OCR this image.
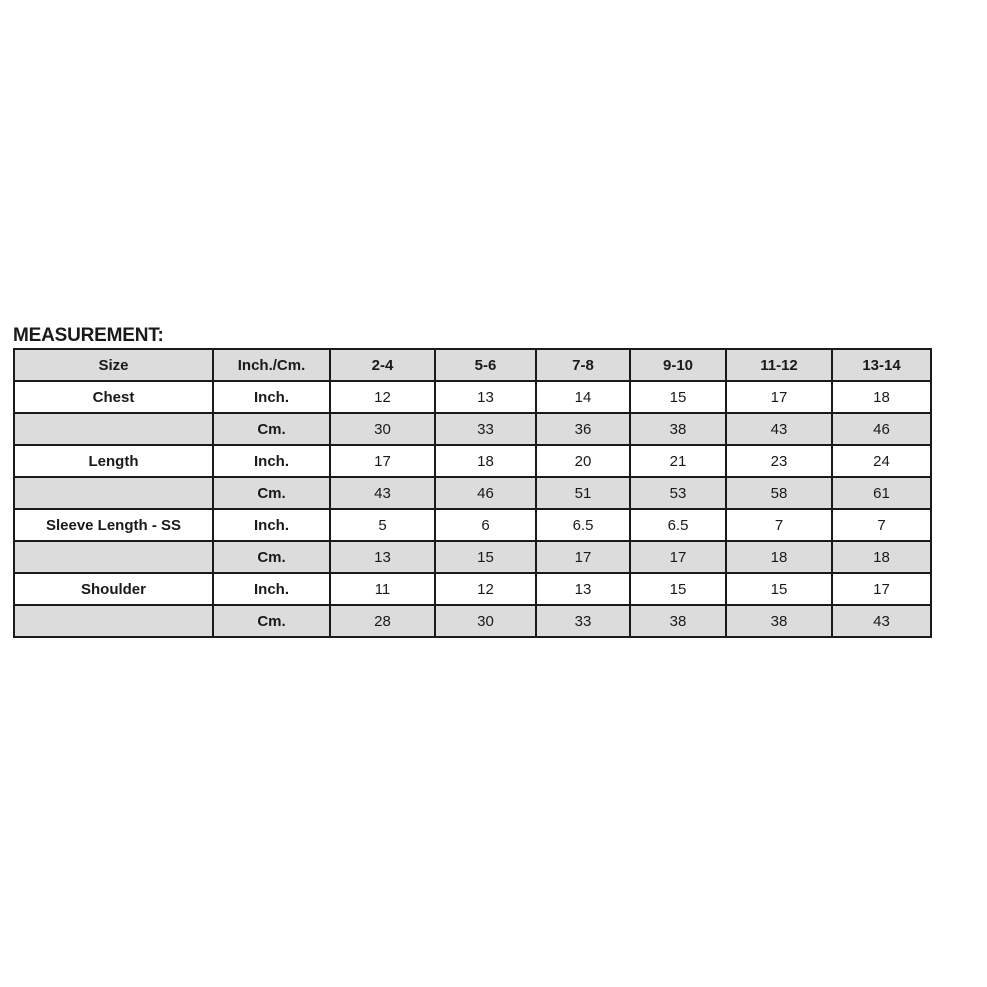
MEASUREMENT:
Size	Inch./Cm.	2-4	5-6	7-8	9-10	11-12	13-14
Chest	Inch.	12	13	14	15	17	18
	Cm.	30	33	36	38	43	46
Length	Inch.	17	18	20	21	23	24
	Cm.	43	46	51	53	58	61
Sleeve Length - SS	Inch.	5	6	6.5	6.5	7	7
	Cm.	13	15	17	17	18	18
Shoulder	Inch.	11	12	13	15	15	17
	Cm.	28	30	33	38	38	43
